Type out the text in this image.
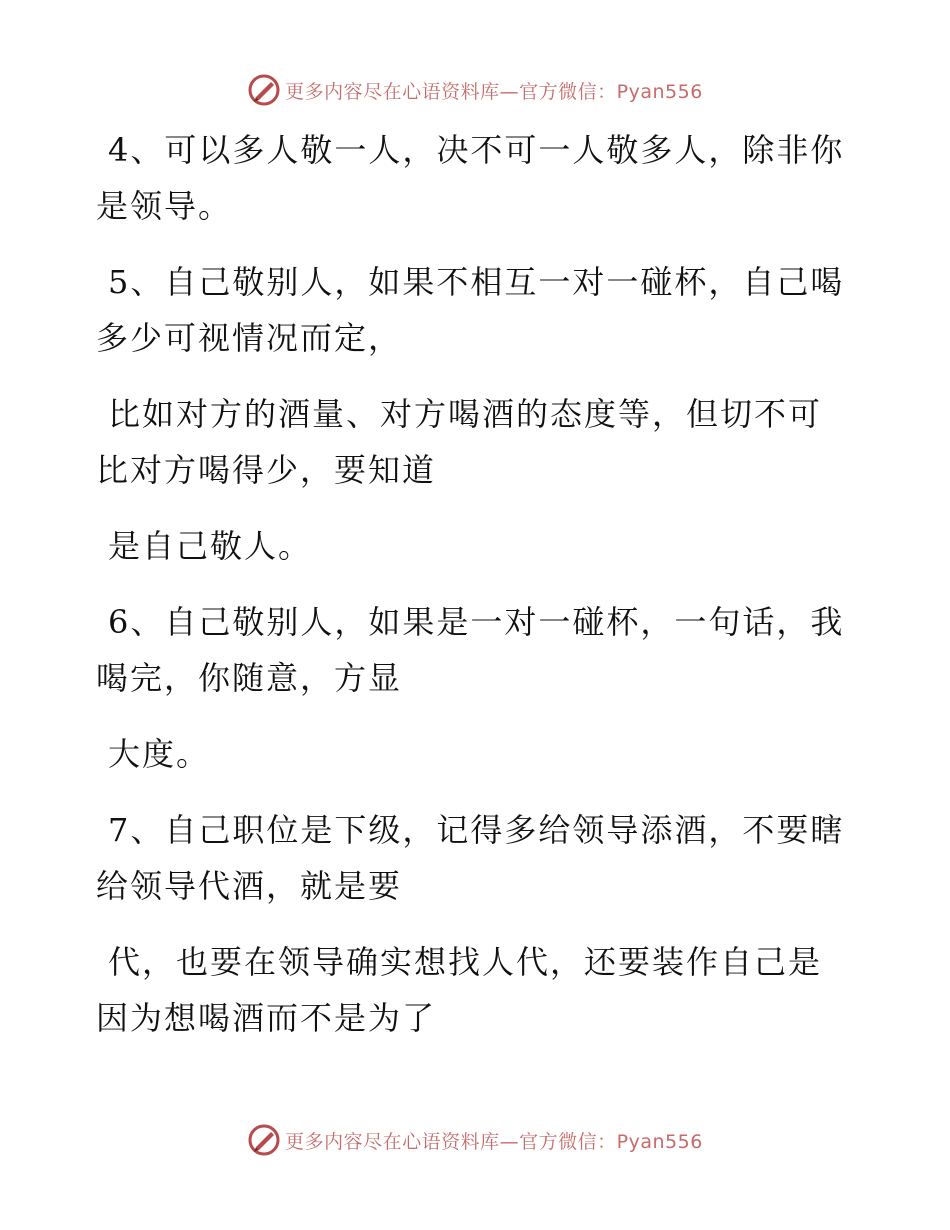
更多内容尽在心语资料库—官方微信：Pyan556

4、可以多人敬一人，决不可一人敬多人，除非你
是领导。

5、自己敬别人，如果不相互一对一碰杯，自己喝
多少可视情况而定，

比如对方的酒量、对方喝酒的态度等，但切不可
比对方喝得少，要知道

是自己敬人。

6、自己敬别人，如果是一对一碰杯，一句话，我
喝完，你随意，方显

大度。

7、自己职位是下级，记得多给领导添酒，不要瞎
给领导代酒，就是要

代，也要在领导确实想找人代，还要装作自己是
因为想喝酒而不是为了

更多内容尽在心语资料库—官方微信：Pyan556
